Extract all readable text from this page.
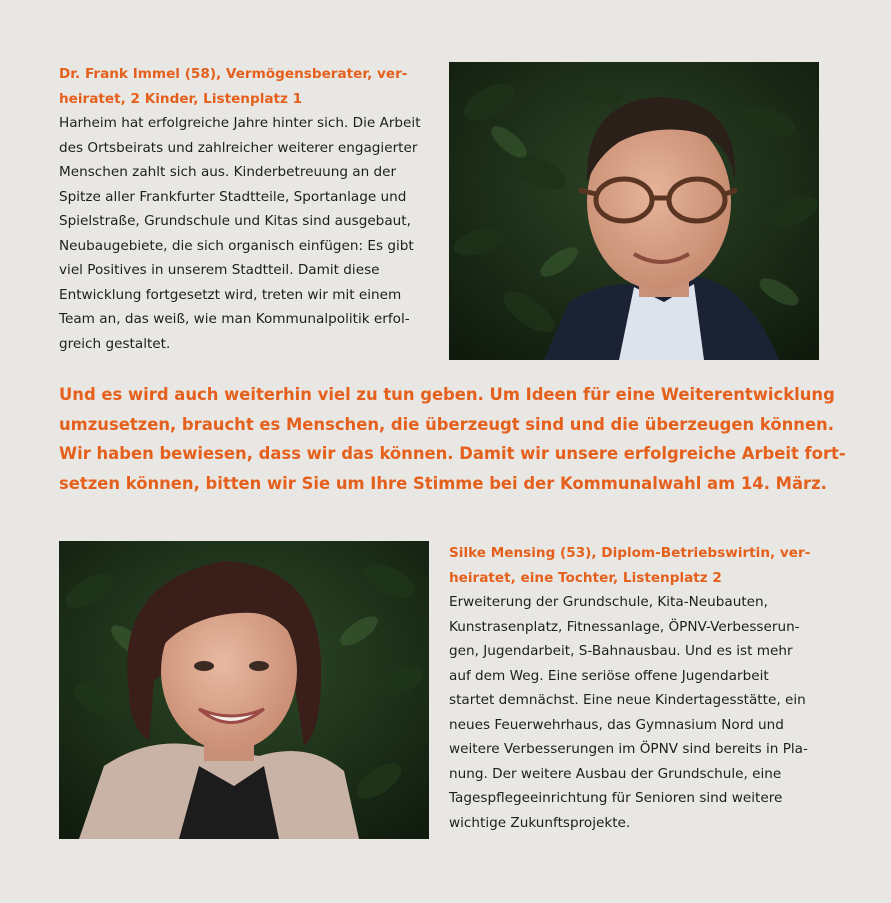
Dr. Frank Immel (58), Vermögensberater, ver-
heiratet, 2 Kinder, Listenplatz 1

Harheim hat erfolgreiche Jahre hinter sich. Die Arbeit
des Ortsbeirats und zahlreicher weiterer engagierter
Menschen zahlt sich aus. Kinderbetreuung an der
Spitze aller Frankfurter Stadtteile, Sportanlage und
Spielstraße, Grundschule und Kitas sind ausgebaut,
Neubaugebiete, die sich organisch einfügen: Es gibt
viel Positives in unserem Stadtteil. Damit diese
Entwicklung fortgesetzt wird, treten wir mit einem
Team an, das weiß, wie man Kommunalpolitik erfol-
greich gestaltet.

Und es wird auch weiterhin viel zu tun geben. Um Ideen für eine Weiterentwicklung
umzusetzen, braucht es Menschen, die überzeugt sind und die überzeugen können.
Wir haben bewiesen, dass wir das können. Damit wir unsere erfolgreiche Arbeit fort-
setzen können, bitten wir Sie um Ihre Stimme bei der Kommunalwahl am 14. März.

Silke Mensing (53), Diplom-Betriebswirtin, ver-
heiratet, eine Tochter, Listenplatz 2

Erweiterung der Grundschule, Kita-Neubauten,
Kunstrasenplatz, Fitnessanlage, ÖPNV-Verbesserun-
gen, Jugendarbeit, S-Bahnausbau. Und es ist mehr
auf dem Weg. Eine seriöse offene Jugendarbeit
startet demnächst. Eine neue Kindertagesstätte, ein
neues Feuerwehrhaus, das Gymnasium Nord und
weitere Verbesserungen im ÖPNV sind bereits in Pla-
nung. Der weitere Ausbau der Grundschule, eine
Tagespflegeeinrichtung für Senioren sind weitere
wichtige Zukunftsprojekte.
